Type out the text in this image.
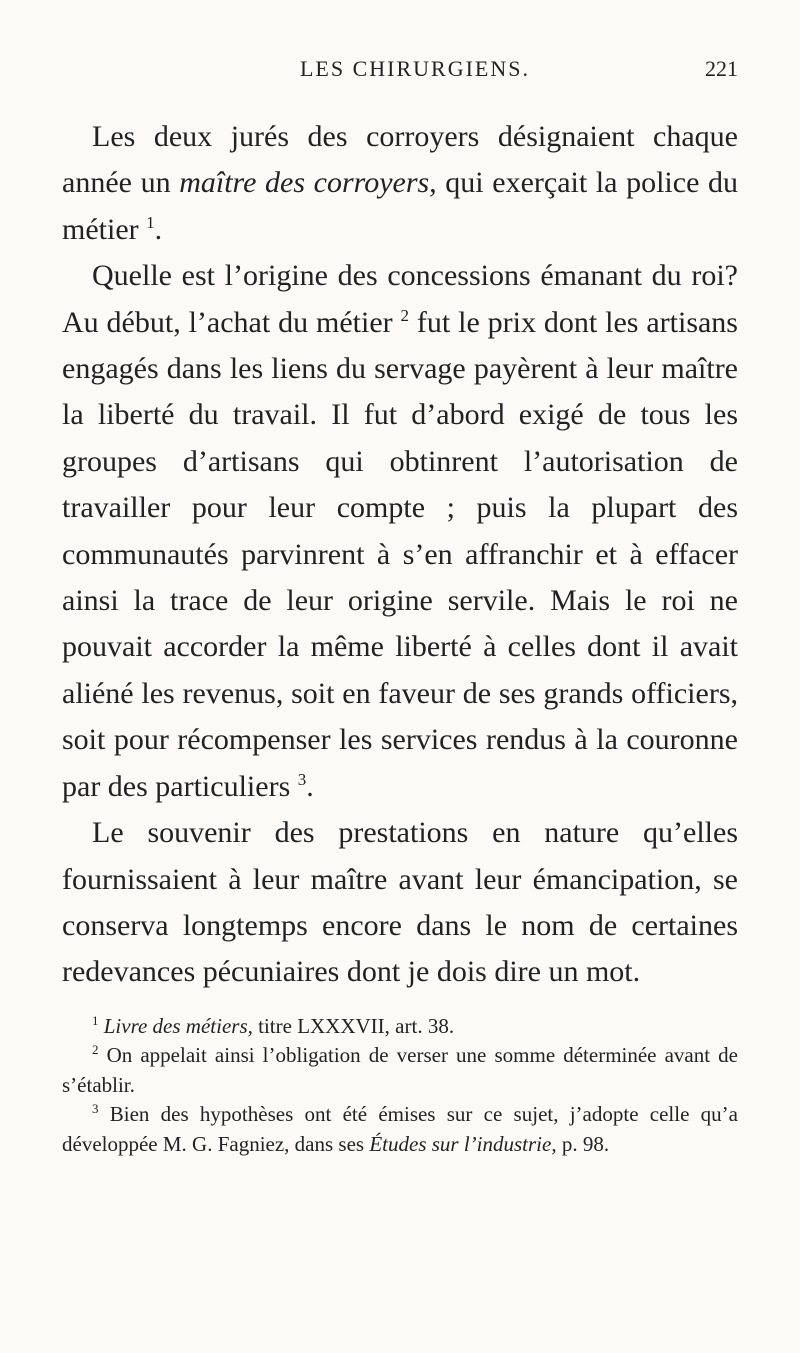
LES CHIRURGIENS.	221

Les deux jurés des corroyers désignaient chaque année un maître des corroyers, qui exerçait la police du métier $^1$.

Quelle est l’origine des concessions émanant du roi? Au début, l’achat du métier $^2$ fut le prix dont les artisans engagés dans les liens du servage payèrent à leur maître la liberté du travail. Il fut d’abord exigé de tous les groupes d’artisans qui obtinrent l’autorisation de travailler pour leur compte ; puis la plupart des communautés parvinrent à s’en affranchir et à effacer ainsi la trace de leur origine servile. Mais le roi ne pouvait accorder la même liberté à celles dont il avait aliéné les revenus, soit en faveur de ses grands officiers, soit pour récompenser les services rendus à la couronne par des particuliers $^3$.

Le souvenir des prestations en nature qu’elles fournissaient à leur maître avant leur émancipation, se conserva longtemps encore dans le nom de certaines redevances pécuniaires dont je dois dire un mot.

$^1$ Livre des métiers, titre LXXXVII, art. 38.

$^2$ On appelait ainsi l’obligation de verser une somme déterminée avant de s’établir.

$^3$ Bien des hypothèses ont été émises sur ce sujet, j’adopte celle qu’a développée M. G. Fagniez, dans ses Études sur l’industrie, p. 98.
